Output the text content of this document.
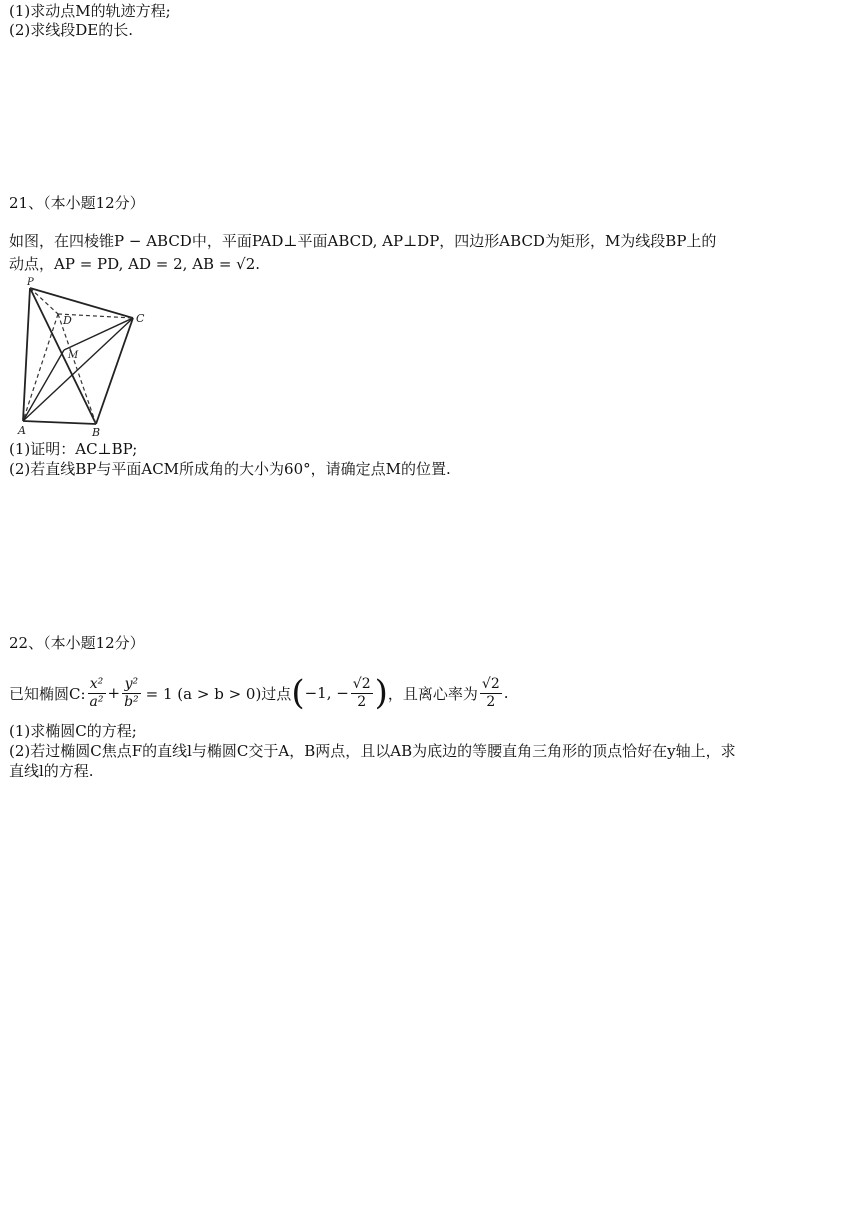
(1)求动点M的轨迹方程;
(2)求线段DE的长.
21、（本小题12分）
如图，在四棱锥P − ABCD中，平面PAD⊥平面ABCD, AP⊥DP，四边形ABCD为矩形，M为线段BP上的
动点，AP = PD, AD = 2, AB = √2.
P
D	C
M
A	B
(1)证明：AC⊥BP;
(2)若直线BP与平面ACM所成角的大小为60°，请确定点M的位置.
22、（本小题12分）
已知椭圆C: $\frac{\text{x²}}{\text{a²}} + \frac{\text{y²}}{\text{b²}} = 1$ (a > b > 0)过点 ( −1, − $\frac{√2}{2}$ ) ，且离心率为 $\frac{√2}{2}$ .
(1)求椭圆C的方程;
(2)若过椭圆C焦点F的直线l与椭圆C交于A，B两点，且以AB为底边的等腰直角三角形的顶点恰好在y轴上，求
直线l的方程.
